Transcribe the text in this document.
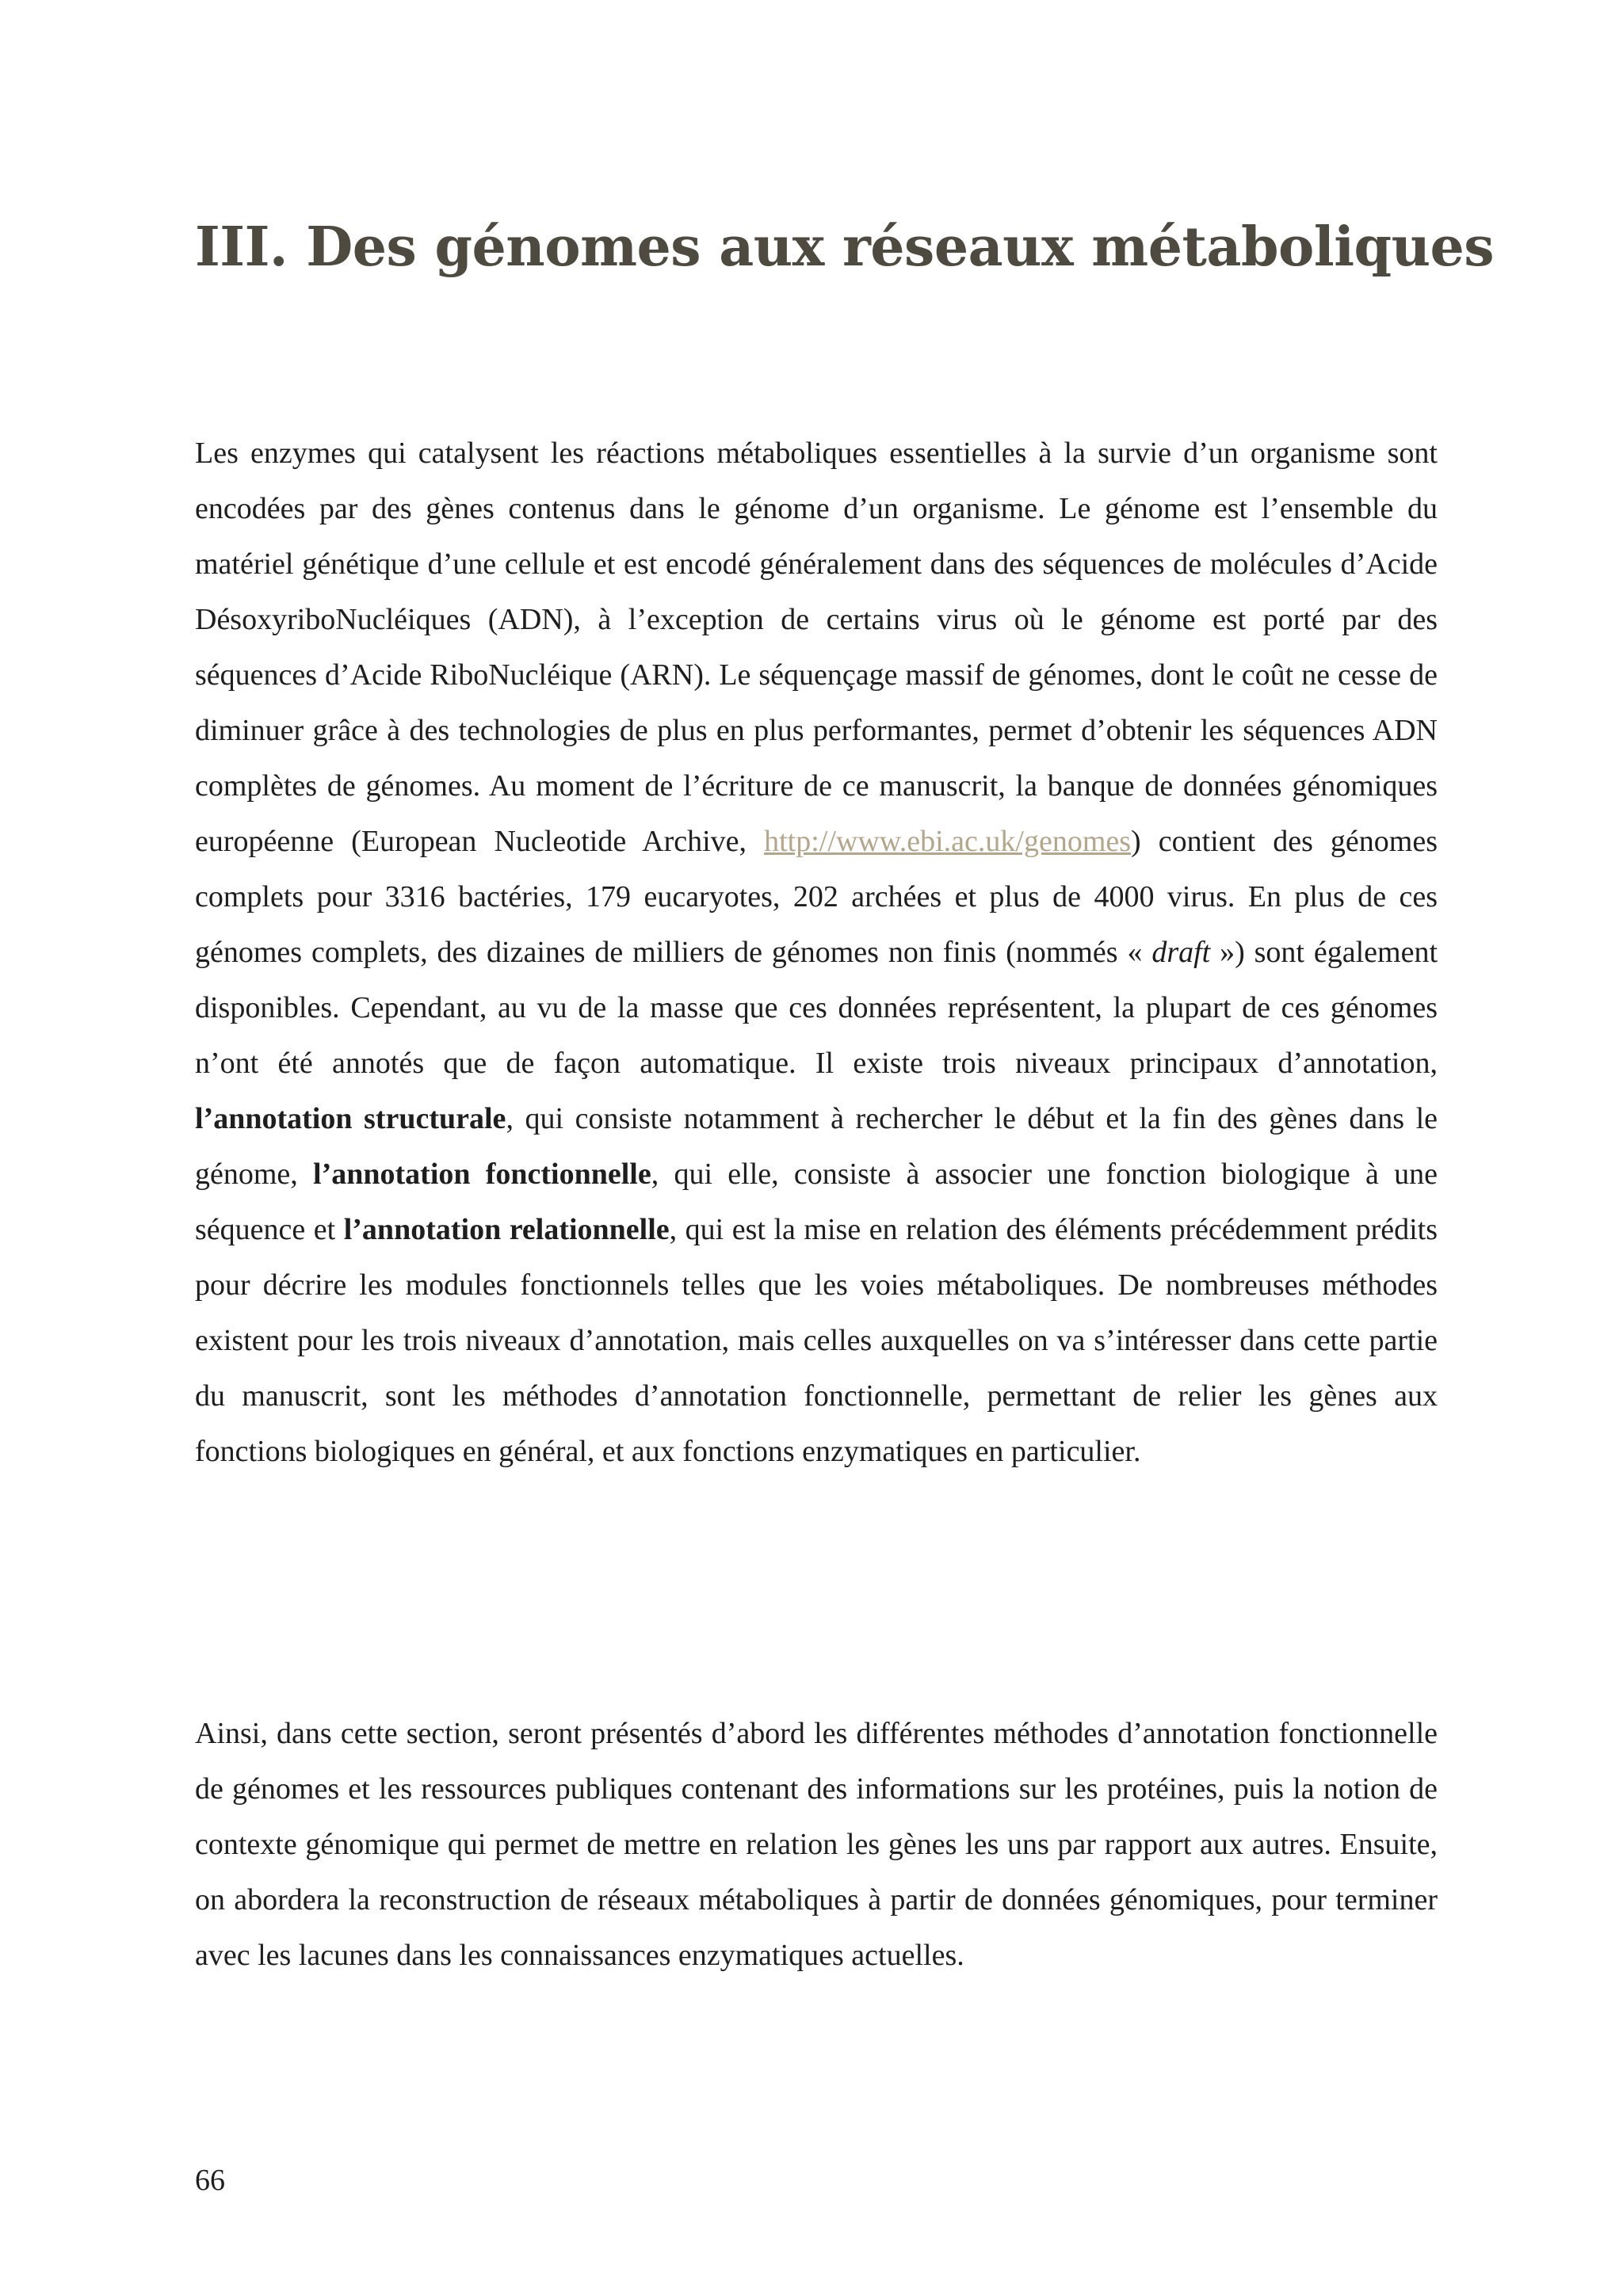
III. Des génomes aux réseaux métaboliques

Les enzymes qui catalysent les réactions métaboliques essentielles à la survie d’un organisme sont encodées par des gènes contenus dans le génome d’un organisme. Le génome est l’ensemble du matériel génétique d’une cellule et est encodé généralement dans des séquences de molécules d’Acide DésoxyriboNucléiques (ADN), à l’exception de certains virus où le génome est porté par des séquences d’Acide RiboNucléique (ARN). Le séquençage massif de génomes, dont le coût ne cesse de diminuer grâce à des technologies de plus en plus performantes, permet d’obtenir les séquences ADN complètes de génomes. Au moment de l’écriture de ce manuscrit, la banque de données génomiques européenne (European Nucleotide Archive, http://www.ebi.ac.uk/genomes) contient des génomes complets pour 3316 bactéries, 179 eucaryotes, 202 archées et plus de 4000 virus. En plus de ces génomes complets, des dizaines de milliers de génomes non finis (nommés « draft ») sont également disponibles. Cependant, au vu de la masse que ces données représentent, la plupart de ces génomes n’ont été annotés que de façon automatique. Il existe trois niveaux principaux d’annotation, l’annotation structurale, qui consiste notamment à rechercher le début et la fin des gènes dans le génome, l’annotation fonctionnelle, qui elle, consiste à associer une fonction biologique à une séquence et l’annotation relationnelle, qui est la mise en relation des éléments précédemment prédits pour décrire les modules fonctionnels telles que les voies métaboliques. De nombreuses méthodes existent pour les trois niveaux d’annotation, mais celles auxquelles on va s’intéresser dans cette partie du manuscrit, sont les méthodes d’annotation fonctionnelle, permettant de relier les gènes aux fonctions biologiques en général, et aux fonctions enzymatiques en particulier.

Ainsi, dans cette section, seront présentés d’abord les différentes méthodes d’annotation fonctionnelle de génomes et les ressources publiques contenant des informations sur les protéines, puis la notion de contexte génomique qui permet de mettre en relation les gènes les uns par rapport aux autres. Ensuite, on abordera la reconstruction de réseaux métaboliques à partir de données génomiques, pour terminer avec les lacunes dans les connaissances enzymatiques actuelles.

66
